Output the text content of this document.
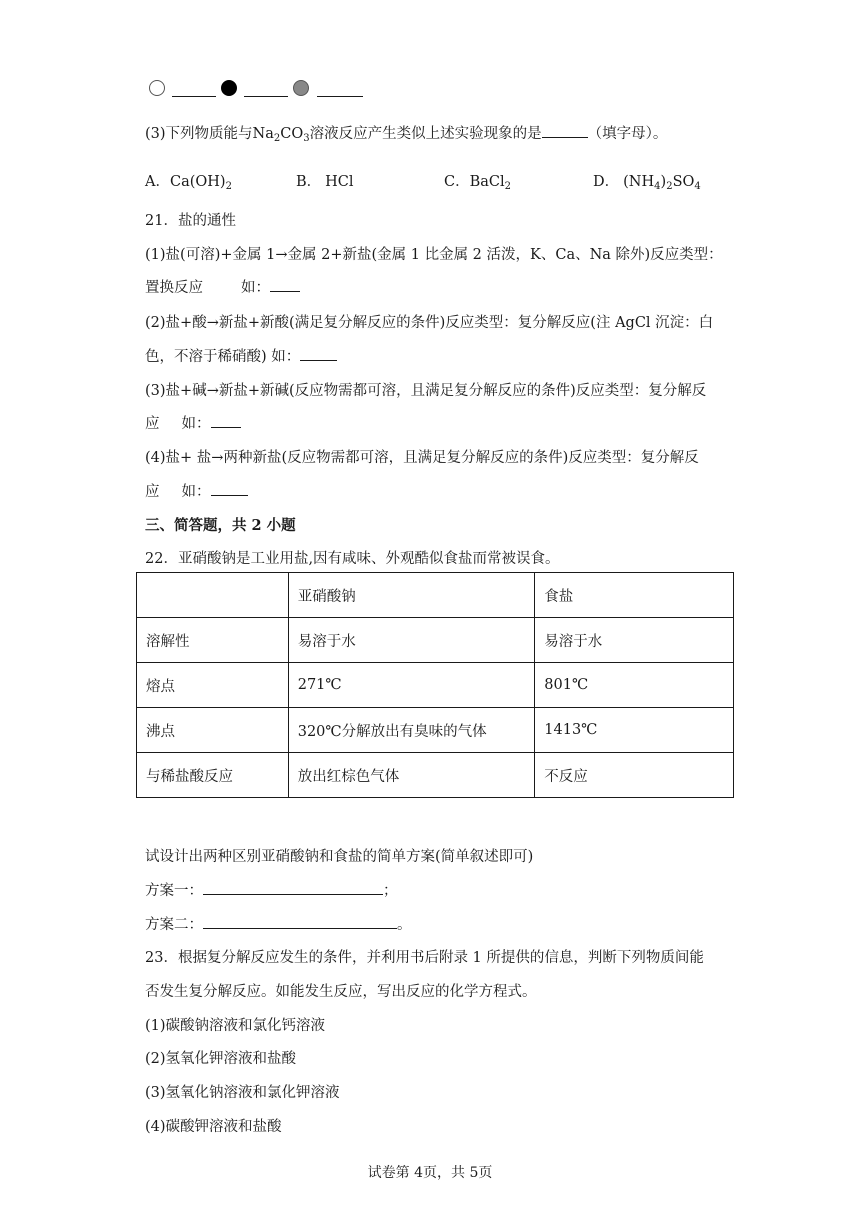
(3)下列物质能与$Na_2CO_3$溶液反应产生类似上述实验现象的是	（填字母）。
A．$Ca(OH)_2$	B． HCl	C．BaCl$_2$	D． $(NH_4)_2SO_4$
21．盐的通性
(1)盐(可溶)+金属 1→金属 2+新盐(金属 1 比金属 2 活泼，K、Ca、Na 除外)反应类型：
置换反应	如：
(2)盐+酸→新盐+新酸(满足复分解反应的条件)反应类型：复分解反应(注 AgCl 沉淀：白
色，不溶于稀硝酸) 如：
(3)盐+碱→新盐+新碱(反应物需都可溶，且满足复分解反应的条件)反应类型：复分解反
应 如：
(4)盐+ 盐→两种新盐(反应物需都可溶，且满足复分解反应的条件)反应类型：复分解反
应 如：
三、简答题，共 2 小题
22．亚硝酸钠是工业用盐,因有咸味、外观酷似食盐而常被误食。
	亚硝酸钠	食盐
溶解性	易溶于水	易溶于水
熔点	271℃	801℃
沸点	320℃分解放出有臭味的气体	1413℃
与稀盐酸反应	放出红棕色气体	不反应
试设计出两种区别亚硝酸钠和食盐的简单方案(简单叙述即可)
方案一：	；
方案二：	。
23．根据复分解反应发生的条件，并利用书后附录 1 所提供的信息，判断下列物质间能
否发生复分解反应。如能发生反应，写出反应的化学方程式。
(1)碳酸钠溶液和氯化钙溶液
(2)氢氧化钾溶液和盐酸
(3)氢氧化钠溶液和氯化钾溶液
(4)碳酸钾溶液和盐酸
试卷第 4页，共 5页
